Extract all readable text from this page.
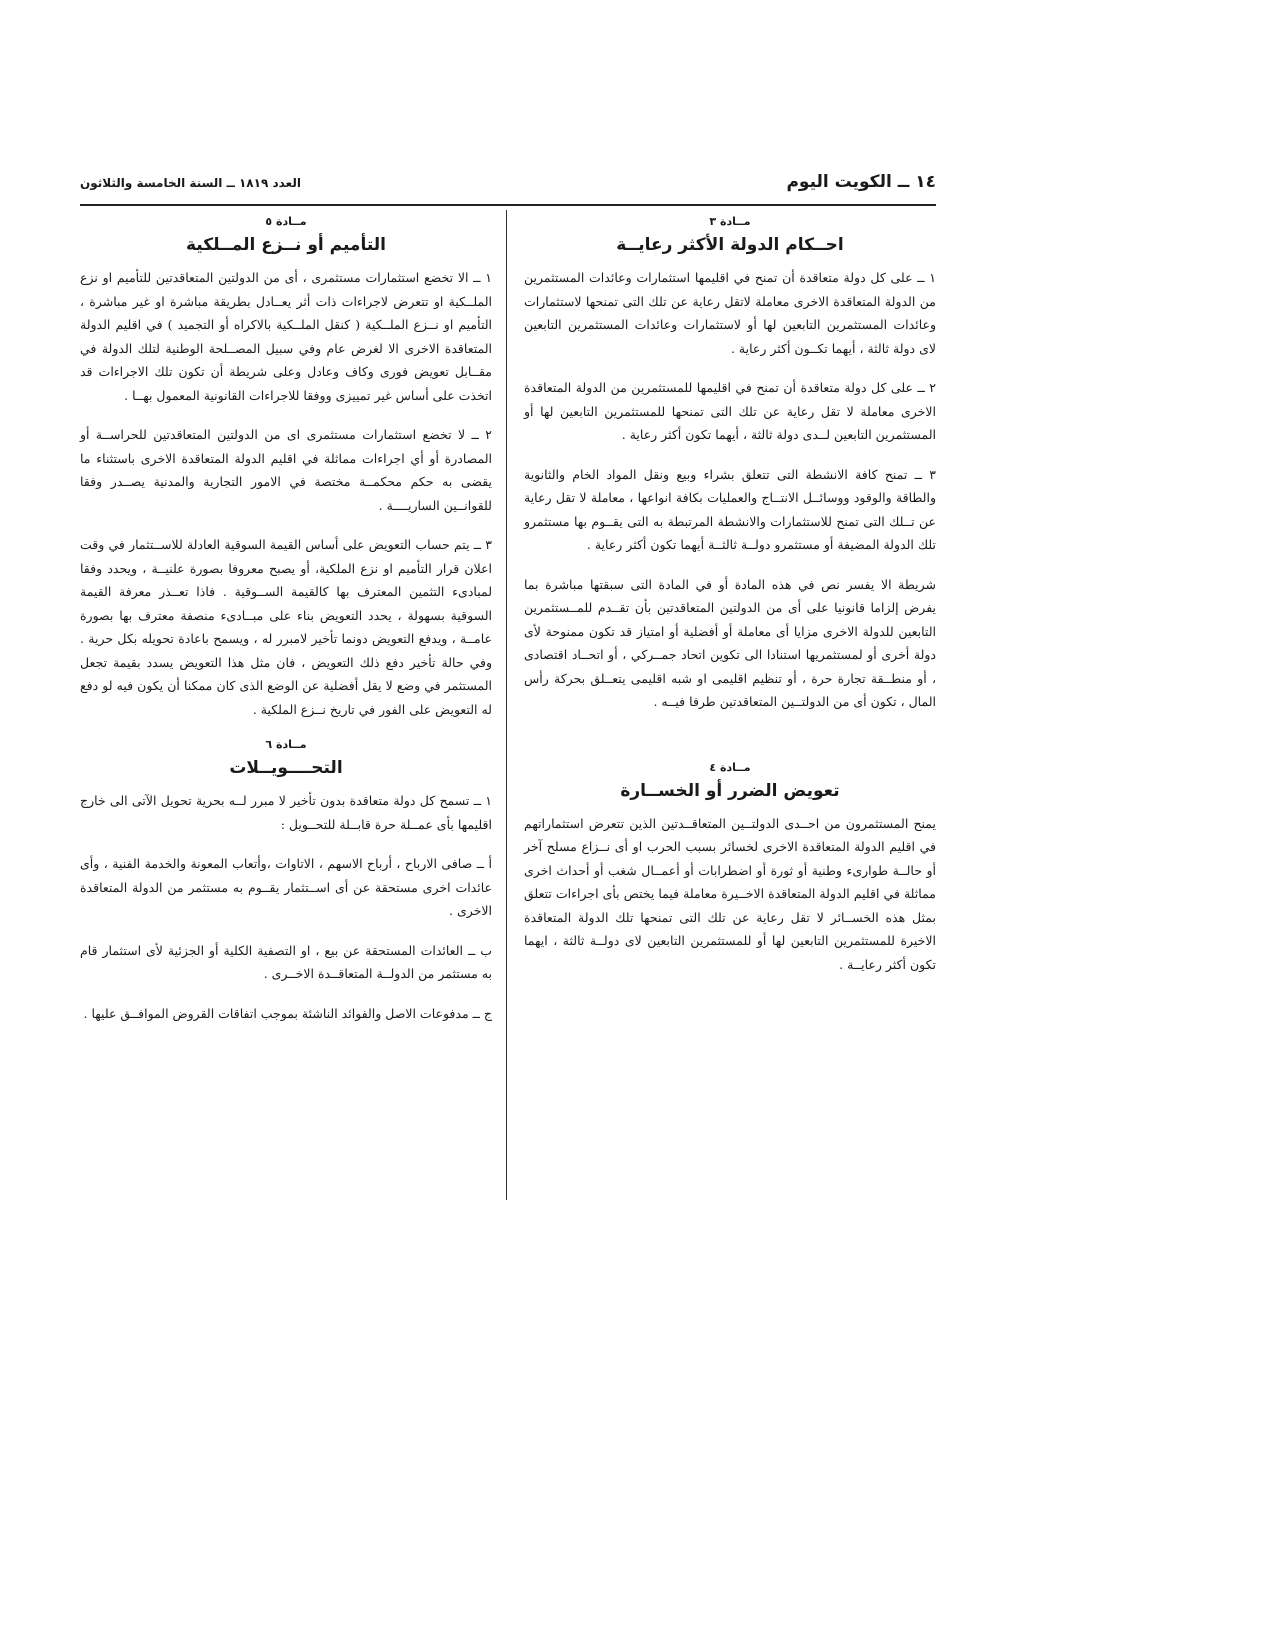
١٤ ــ الكويت اليوم
العدد ١٨١٩ ــ السنة الخامسة والثلاثون
مــادة ٣
احــكام الدولة الأكثر رعايــة

١ ــ على كل دولة متعاقدة أن تمنح في اقليمها استثمارات وعائدات المستثمرين من الدولة المتعاقدة الاخرى معاملة لاتقل رعاية عن تلك التى تمنحها لاستثمارات وعائدات المستثمرين التابعين لها أو لاستثمارات وعائدات المستثمرين التابعين لاى دولة ثالثة ، أيهما تكــون أكثر رعاية .

٢ ــ على كل دولة متعاقدة أن تمنح في اقليمها للمستثمرين من الدولة المتعاقدة الاخرى معاملة لا تقل رعاية عن تلك التى تمنحها للمستثمرين التابعين لها أو المستثمرين التابعين لــدى دولة ثالثة ، أيهما تكون أكثر رعاية .

٣ ــ تمنح كافة الانشطة التى تتعلق بشراء وبيع ونقل المواد الخام والثانوية والطاقة والوقود ووسائــل الانتــاج والعمليات بكافة انواعها ، معاملة لا تقل رعاية عن تــلك التى تمنح للاستثمارات والانشطة المرتبطة به التى يقــوم بها مستثمرو تلك الدولة المضيفة أو مستثمرو دولــة ثالثــة أيهما تكون أكثر رعاية .

شريطة الا يفسر نص في هذه المادة أو في المادة التى سبقتها مباشرة بما يفرض إلزاما قانونيا على أى من الدولتين المتعاقدتين بأن تقــدم للمــستثمرين التابعين للدولة الاخرى مزايا أى معاملة أو أفضلية أو امتياز قد تكون ممنوحة لأى دولة أخرى أو لمستثمريها استنادا الى تكوين اتحاد جمــركي ، أو اتحــاد اقتصادى ، أو منطــقة تجارة حرة ، أو تنظيم اقليمى او شبه اقليمى يتعــلق بحركة رأس المال ، تكون أى من الدولتــين المتعاقدتين طرفا فيــه .

مــادة ٤
تعويض الضرر أو الخســارة

يمنح المستثمرون من احــدى الدولتــين المتعاقــدتين الذين تتعرض استثماراتهم في اقليم الدولة المتعاقدة الاخرى لخسائر بسبب الحرب او أى نــزاع مسلح آخر أو حالــة طوارىء وطنية أو ثورة أو اضطرابات أو أعمــال شغب أو أحداث اخرى مماثلة في اقليم الدولة المتعاقدة الاخــيرة معاملة فيما يختص بأى اجراءات تتعلق بمثل هذه الخســائر لا تقل رعاية عن تلك التى تمنحها تلك الدولة المتعاقدة الاخيرة للمستثمرين التابعين لها أو للمستثمرين التابعين لاى دولــة ثالثة ، ايهما تكون أكثر رعايــة .

مــادة ٥
التأميم أو نــزع المــلكية

١ ــ الا تخضع استثمارات مستثمرى ، أى من الدولتين المتعاقدتين للتأميم او نزع الملــكية او تتعرض لاجراءات ذات أثر يعــادل بطريقة مباشرة او غير مباشرة ، التأميم او نــزع الملــكية ( كنقل الملــكية بالاكراه أو التجميد ) في اقليم الدولة المتعاقدة الاخرى الا لغرض عام وفي سبيل المصــلحة الوطنية لتلك الدولة في مقــابل تعويض فورى وكاف وعادل وعلى شريطة أن تكون تلك الاجراءات قد اتخذت على أساس غير تمييزى ووفقا للاجراءات القانونية المعمول بهــا .

٢ ــ لا تخضع استثمارات مستثمرى اى من الدولتين المتعاقدتين للحراســة أو المصادرة أو أي اجراءات مماثلة في اقليم الدولة المتعاقدة الاخرى باستثناء ما يقضى به حكم محكمــة مختصة في الامور التجارية والمدنية يصــدر وفقا للقوانــين الساريــــة .

٣ ــ يتم حساب التعويض على أساس القيمة السوقية العادلة للاســتثمار في وقت اعلان قرار التأميم او نزع الملكية، أو يصبح معروفا بصورة علنيــة ، ويحدد وفقا لمبادىء التثمين المعترف بها كالقيمة الســوقية . فاذا تعــذر معرفة القيمة السوقية بسهولة ، يحدد التعويض بناء على مبــادىء منصفة معترف بها بصورة عامــة ، ويدفع التعويض دونما تأخير لامبرر له ، ويسمح باعادة تحويله بكل حرية . وفي حالة تأخير دفع ذلك التعويض ، فان مثل هذا التعويض يسدد بقيمة تجعل المستثمر في وضع لا يقل أفضلية عن الوضع الذى كان ممكنا أن يكون فيه لو دفع له التعويض على الفور في تاريخ نــزع الملكية .

مــادة ٦
التحــــويــلات

١ ــ تسمح كل دولة متعاقدة بدون تأخير لا مبرر لــه بحرية تحويل الآتى الى خارج اقليمها بأى عمــلة حرة قابــلة للتحــويل :

أ ــ صافى الارباح ، أرباح الاسهم ، الاتاوات ،وأتعاب المعونة والخدمة الفنية ، وأى عائدات اخرى مستحقة عن أى اســتثمار يقــوم به مستثمر من الدولة المتعاقدة الاخرى .

ب ــ العائدات المستحقة عن بيع ، او التصفية الكلية أو الجزئية لأى استثمار قام به مستثمر من الدولــة المتعاقــدة الاخــرى .

ج ــ مدفوعات الاصل والفوائد الناشئة بموجب اتفاقات القروض الموافــق عليها .
